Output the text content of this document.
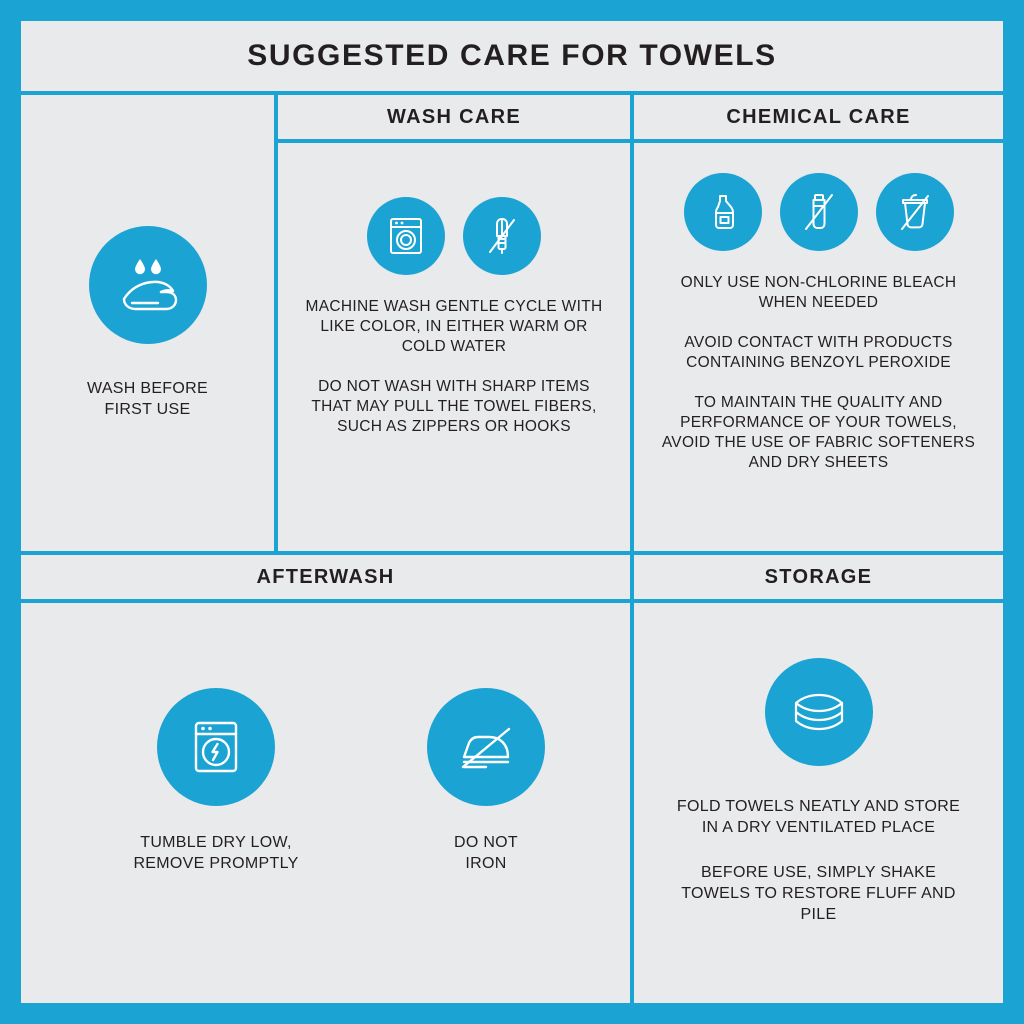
SUGGESTED CARE FOR TOWELS
WASH BEFORE
FIRST USE
WASH CARE
MACHINE WASH GENTLE CYCLE WITH LIKE COLOR, IN EITHER WARM OR COLD WATER
DO NOT WASH WITH SHARP ITEMS THAT MAY PULL THE TOWEL FIBERS, SUCH AS ZIPPERS OR HOOKS
CHEMICAL CARE
ONLY USE NON-CHLORINE BLEACH WHEN NEEDED
AVOID CONTACT WITH PRODUCTS CONTAINING BENZOYL PEROXIDE
TO MAINTAIN THE QUALITY AND PERFORMANCE OF YOUR TOWELS, AVOID THE USE OF FABRIC SOFTENERS AND DRY SHEETS
AFTERWASH
TUMBLE DRY LOW,
REMOVE PROMPTLY
DO NOT
IRON
STORAGE
FOLD TOWELS NEATLY AND STORE IN A DRY VENTILATED PLACE
BEFORE USE, SIMPLY SHAKE TOWELS TO RESTORE FLUFF AND PILE
